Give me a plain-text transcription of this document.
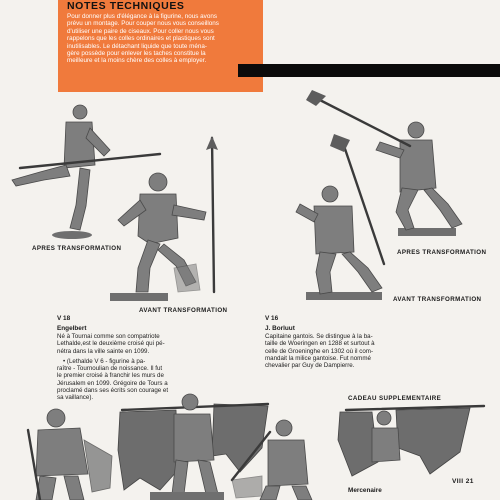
NOTES TECHNIQUES
Pour donner plus d'élégance à la figurine, nous avons
prévu un montage. Pour couper nous vous conseillons
d'utiliser une paire de ciseaux. Pour coller nous vous
rappelons que les colles ordinaires et plastiques sont
inutilisables. Le détachant liquide que toute ména-
gère possède pour enlever les taches constitue la
meilleure et la moins chère des colles à employer.
APRES TRANSFORMATION
AVANT TRANSFORMATION
APRES TRANSFORMATION
AVANT TRANSFORMATION
V 18
Engelbert
Né à Tournai comme son compatriote
Lethalde,est le deuxième croisé qui pé-
nétra dans la ville sainte en 1099.
• (Lethalde V 6 - figurine à pa-
raître - Tournoulian de noissance. Il fut
le premier croisé à franchir les murs de
Jérusalem en 1099. Grégoire de Tours a
proclamé dans ses écrits son courage et
sa vaillance).
V 16
J. Borluut
Capitaine gantois. Se distingue à la ba-
taille de Woeringen en 1288 et surtout à
celle de Groeninghe en 1302 où il com-
mandait la milice gantoise. Fut nommé
chevalier par Guy de Dampierre.
CADEAU SUPPLEMENTAIRE
Mercenaire
VIII 21
